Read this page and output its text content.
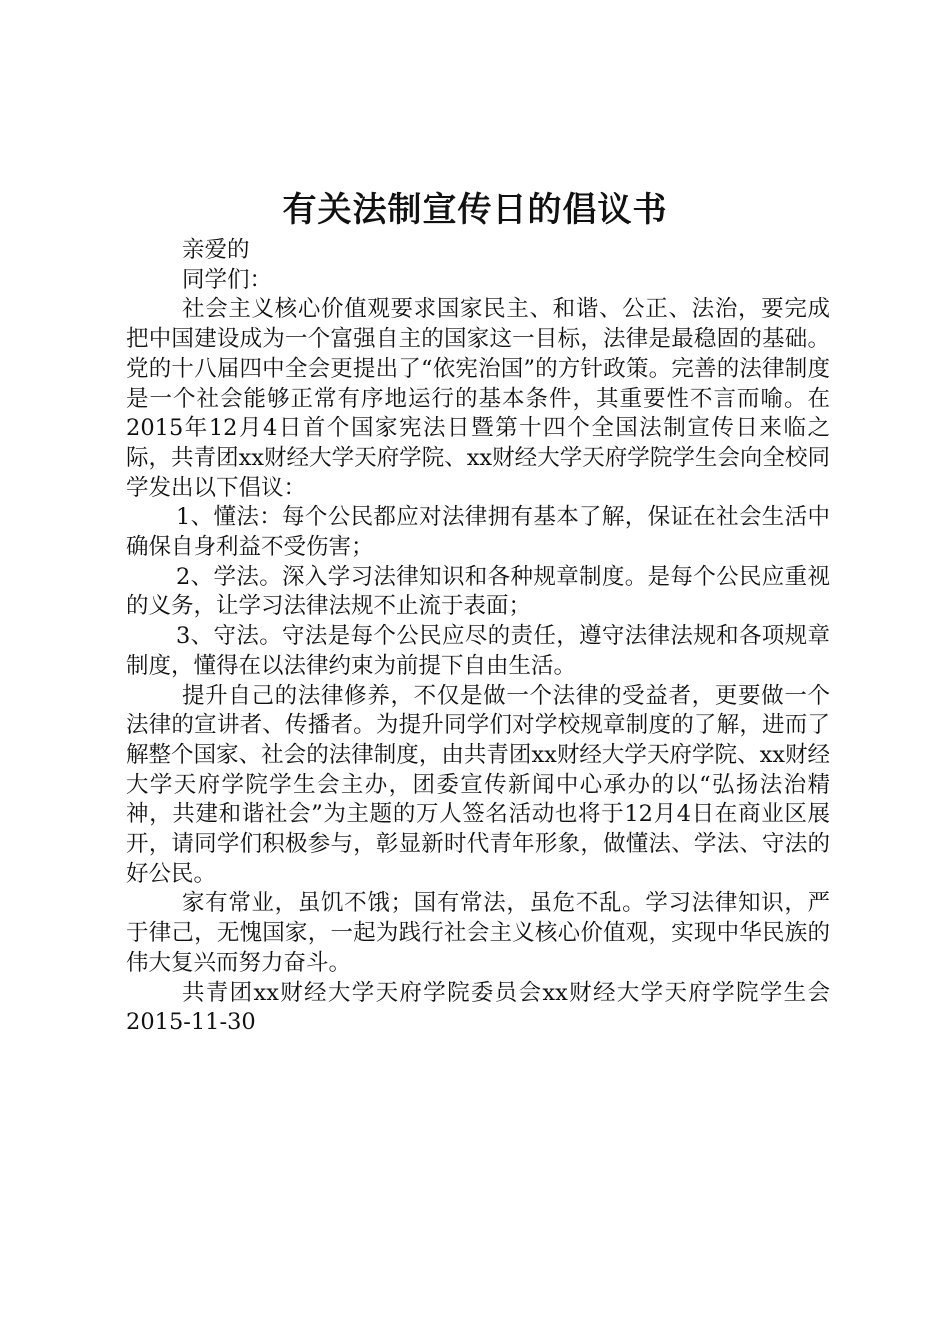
有关法制宣传日的倡议书

亲爱的

同学们：

社会主义核心价值观要求国家民主、和谐、公正、法治，要完成把中国建设成为一个富强自主的国家这一目标，法律是最稳固的基础。党的十八届四中全会更提出了“依宪治国”的方针政策。完善的法律制度是一个社会能够正常有序地运行的基本条件，其重要性不言而喻。在2015年12月4日首个国家宪法日暨第十四个全国法制宣传日来临之际，共青团xx财经大学天府学院、xx财经大学天府学院学生会向全校同学发出以下倡议：

1、懂法：每个公民都应对法律拥有基本了解，保证在社会生活中确保自身利益不受伤害；

2、学法。深入学习法律知识和各种规章制度。是每个公民应重视的义务，让学习法律法规不止流于表面；

3、守法。守法是每个公民应尽的责任，遵守法律法规和各项规章制度，懂得在以法律约束为前提下自由生活。

提升自己的法律修养，不仅是做一个法律的受益者，更要做一个法律的宣讲者、传播者。为提升同学们对学校规章制度的了解，进而了解整个国家、社会的法律制度，由共青团xx财经大学天府学院、xx财经大学天府学院学生会主办，团委宣传新闻中心承办的以“弘扬法治精神，共建和谐社会”为主题的万人签名活动也将于12月4日在商业区展开，请同学们积极参与，彰显新时代青年形象，做懂法、学法、守法的好公民。

家有常业，虽饥不饿；国有常法，虽危不乱。学习法律知识，严于律己，无愧国家，一起为践行社会主义核心价值观，实现中华民族的伟大复兴而努力奋斗。

共青团xx财经大学天府学院委员会xx财经大学天府学院学生会2015-11-30
